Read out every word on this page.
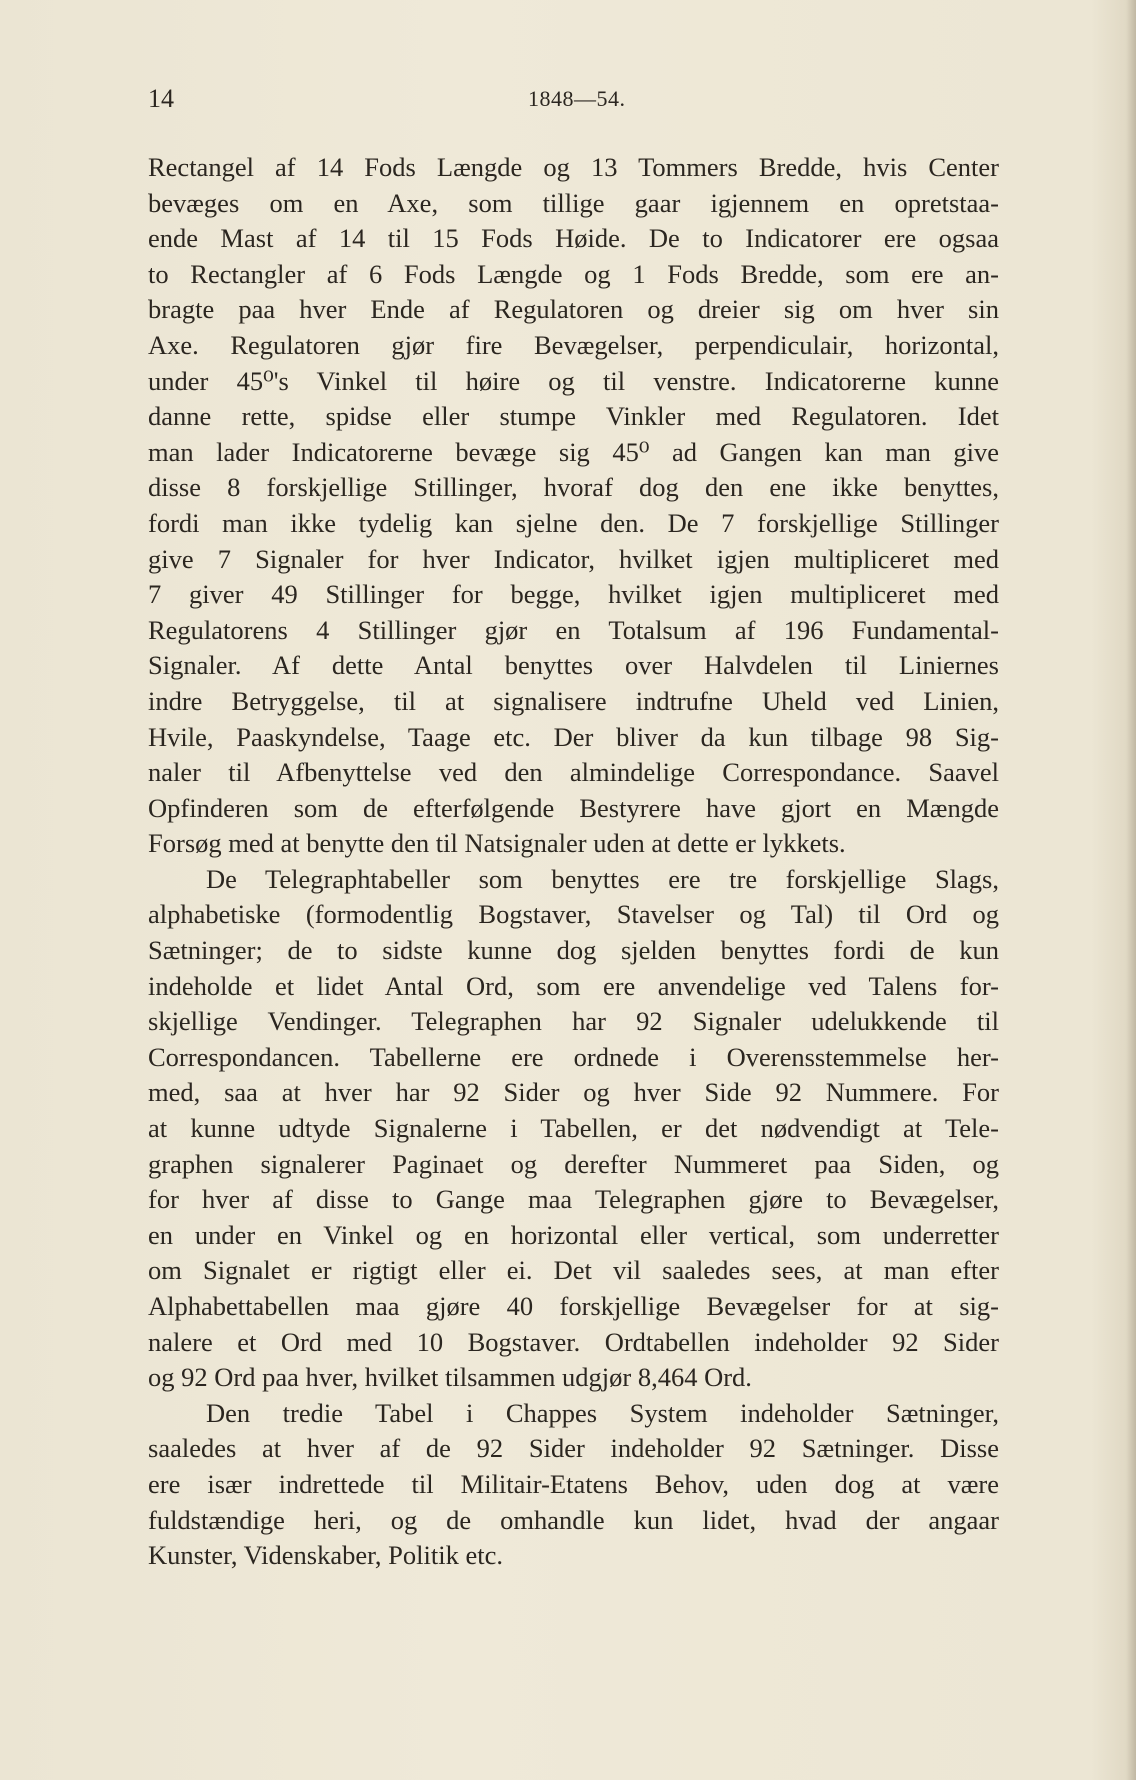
14	1848—54.
Rectangel af 14 Fods Længde og 13 Tommers Bredde, hvis Center
bevæges om en Axe, som tillige gaar igjennem en opretstaa-
ende Mast af 14 til 15 Fods Høide. De to Indicatorer ere ogsaa
to Rectangler af 6 Fods Længde og 1 Fods Bredde, som ere an-
bragte paa hver Ende af Regulatoren og dreier sig om hver sin
Axe. Regulatoren gjør fire Bevægelser, perpendiculair, horizontal,
under 45⁰'s Vinkel til høire og til venstre. Indicatorerne kunne
danne rette, spidse eller stumpe Vinkler med Regulatoren. Idet
man lader Indicatorerne bevæge sig 45⁰ ad Gangen kan man give
disse 8 forskjellige Stillinger, hvoraf dog den ene ikke benyttes,
fordi man ikke tydelig kan sjelne den. De 7 forskjellige Stillinger
give 7 Signaler for hver Indicator, hvilket igjen multipliceret med
7 giver 49 Stillinger for begge, hvilket igjen multipliceret med
Regulatorens 4 Stillinger gjør en Totalsum af 196 Fundamental-
Signaler. Af dette Antal benyttes over Halvdelen til Liniernes
indre Betryggelse, til at signalisere indtrufne Uheld ved Linien,
Hvile, Paaskyndelse, Taage etc. Der bliver da kun tilbage 98 Sig-
naler til Afbenyttelse ved den almindelige Correspondance. Saavel
Opfinderen som de efterfølgende Bestyrere have gjort en Mængde
Forsøg med at benytte den til Natsignaler uden at dette er lykkets.
De Telegraphtabeller som benyttes ere tre forskjellige Slags,
alphabetiske (formodentlig Bogstaver, Stavelser og Tal) til Ord og
Sætninger; de to sidste kunne dog sjelden benyttes fordi de kun
indeholde et lidet Antal Ord, som ere anvendelige ved Talens for-
skjellige Vendinger. Telegraphen har 92 Signaler udelukkende til
Correspondancen. Tabellerne ere ordnede i Overensstemmelse her-
med, saa at hver har 92 Sider og hver Side 92 Nummere. For
at kunne udtyde Signalerne i Tabellen, er det nødvendigt at Tele-
graphen signalerer Paginaet og derefter Nummeret paa Siden, og
for hver af disse to Gange maa Telegraphen gjøre to Bevægelser,
en under en Vinkel og en horizontal eller vertical, som underretter
om Signalet er rigtigt eller ei. Det vil saaledes sees, at man efter
Alphabettabellen maa gjøre 40 forskjellige Bevægelser for at sig-
nalere et Ord med 10 Bogstaver. Ordtabellen indeholder 92 Sider
og 92 Ord paa hver, hvilket tilsammen udgjør 8,464 Ord.
Den tredie Tabel i Chappes System indeholder Sætninger,
saaledes at hver af de 92 Sider indeholder 92 Sætninger. Disse
ere især indrettede til Militair-Etatens Behov, uden dog at være
fuldstændige heri, og de omhandle kun lidet, hvad der angaar
Kunster, Videnskaber, Politik etc.
